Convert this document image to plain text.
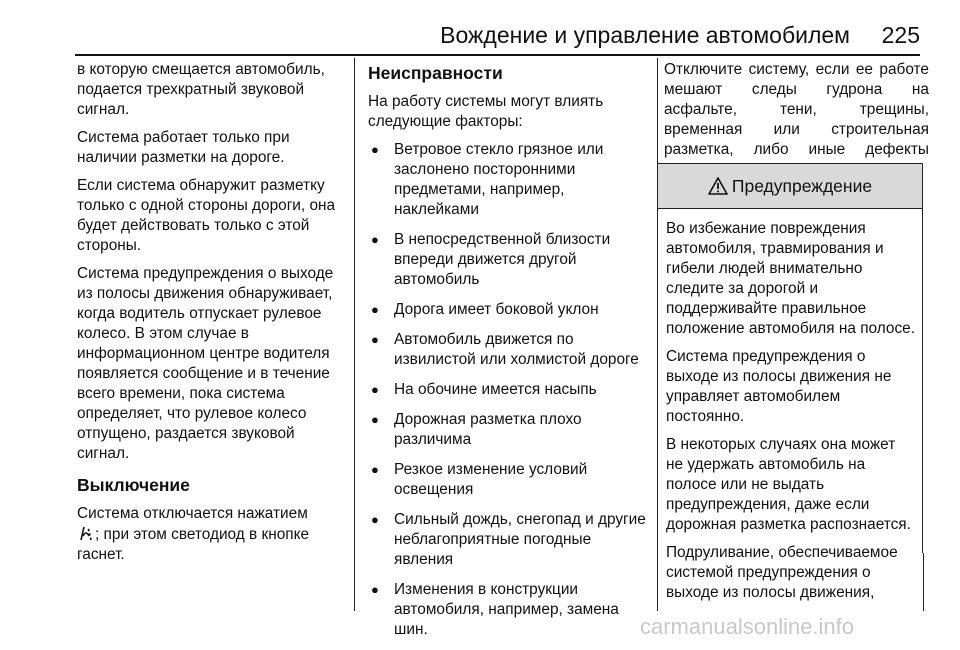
Вождение и управление автомобилем 225

в которую смещается автомобиль, подается трехкратный звуковой сигнал.

Система работает только при наличии разметки на дороге.

Если система обнаружит разметку только с одной стороны дороги, она будет действовать только с этой стороны.

Система предупреждения о выходе из полосы движения обнаруживает, когда водитель отпускает рулевое колесо. В этом случае в информационном центре водителя появляется сообщение и в течение всего времени, пока система определяет, что рулевое колесо отпущено, раздается звуковой сигнал.

Выключение

Система отключается нажатием
; при этом светодиод в кнопке гаснет.

Неисправности

На работу системы могут влиять следующие факторы:

● Ветровое стекло грязное или заслонено посторонними предметами, например, наклейками
● В непосредственной близости впереди движется другой автомобиль
● Дорога имеет боковой уклон
● Автомобиль движется по извилистой или холмистой дороге
● На обочине имеется насыпь
● Дорожная разметка плохо различима
● Резкое изменение условий освещения
● Сильный дождь, снегопад и другие неблагоприятные погодные явления
● Изменения в конструкции автомобиля, например, замена шин.

Отключите систему, если ее работе мешают следы гудрона на асфальте, тени, трещины, временная или строительная разметка, либо иные дефекты

Предупреждение

Во избежание повреждения автомобиля, травмирования и гибели людей внимательно следите за дорогой и поддерживайте правильное положение автомобиля на полосе.

Система предупреждения о выходе из полосы движения не управляет автомобилем постоянно.

В некоторых случаях она может не удержать автомобиль на полосе или не выдать предупреждения, даже если дорожная разметка распознается.

Подруливание, обеспечиваемое системой предупреждения о выходе из полосы движения,

carmanualsonline.info
